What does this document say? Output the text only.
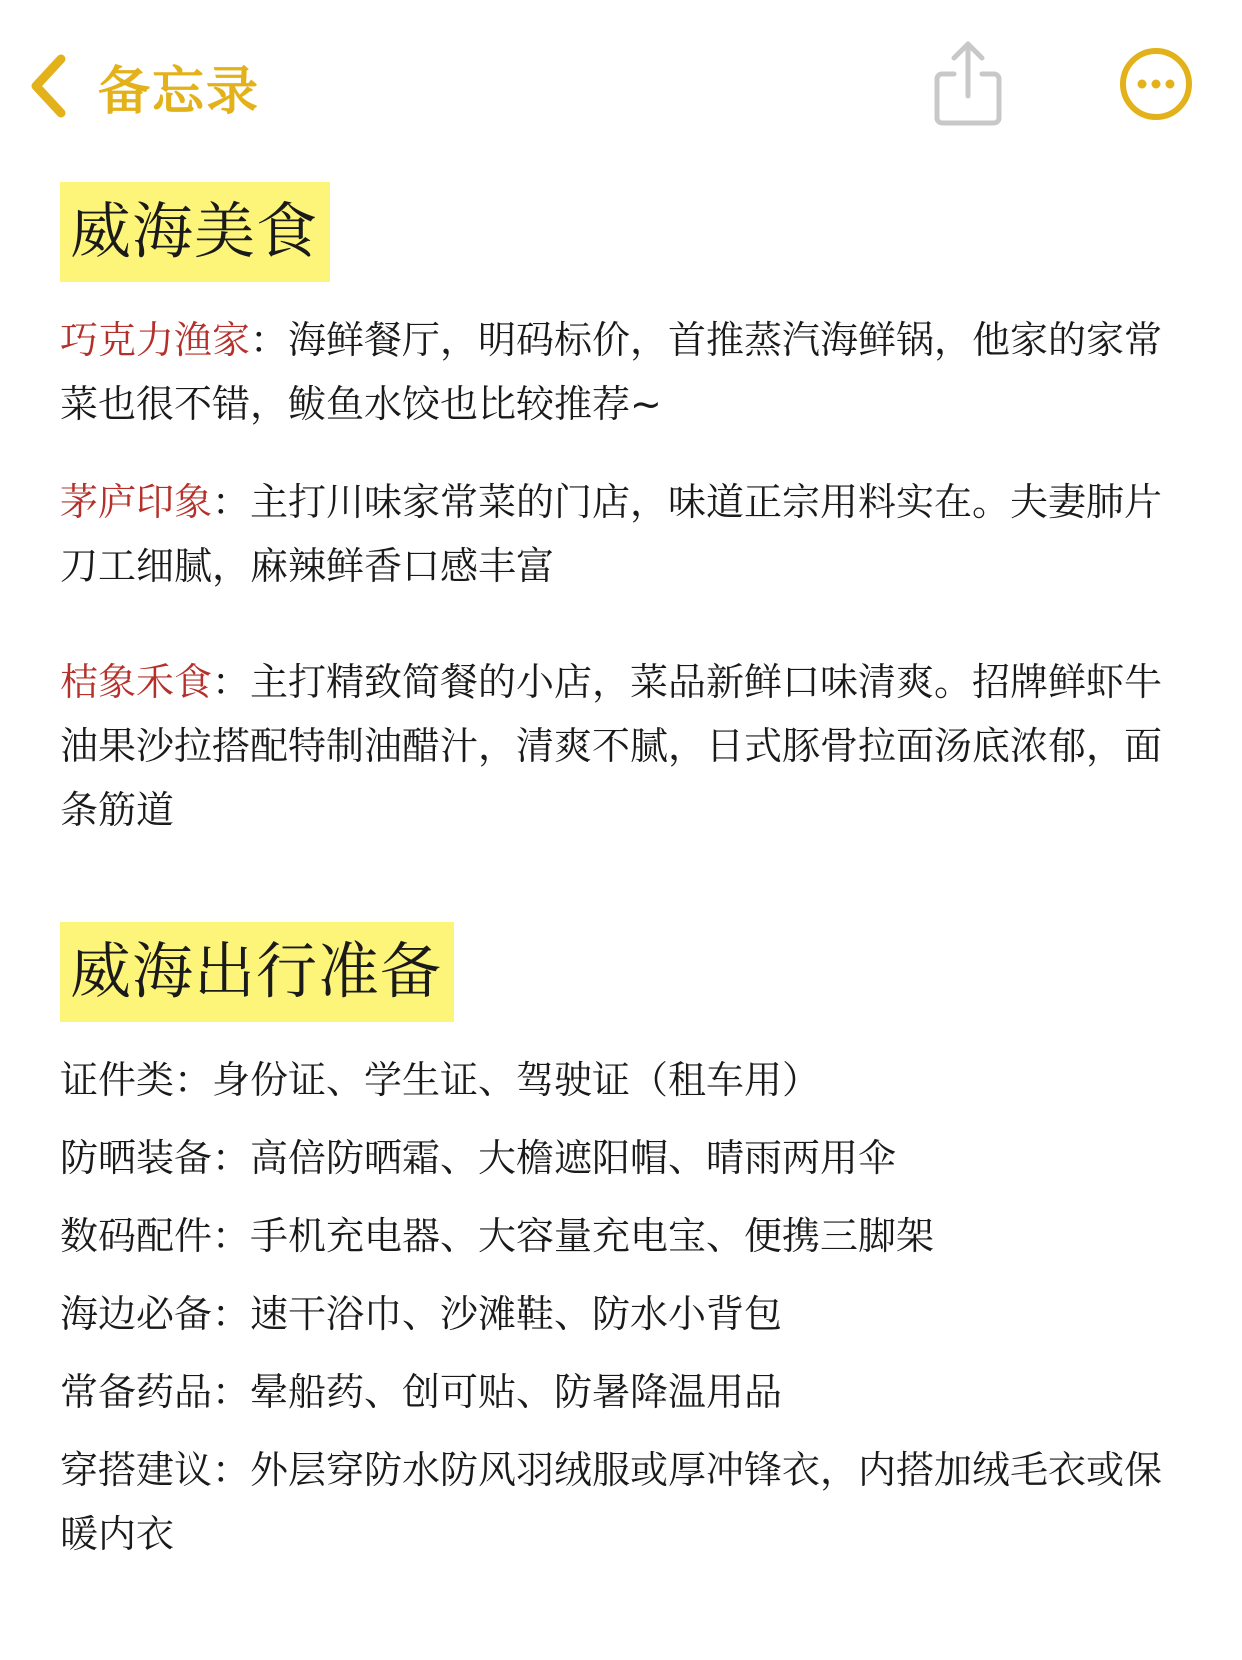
备忘录
威海美食

巧克力渔家：海鲜餐厅，明码标价，首推蒸汽海鲜锅，他家的家常菜也很不错，鲅鱼水饺也比较推荐~

茅庐印象：主打川味家常菜的门店，味道正宗用料实在。夫妻肺片刀工细腻，麻辣鲜香口感丰富

桔象禾食：主打精致简餐的小店，菜品新鲜口味清爽。招牌鲜虾牛油果沙拉搭配特制油醋汁，清爽不腻，日式豚骨拉面汤底浓郁，面条筋道

威海出行准备

证件类：身份证、学生证、驾驶证（租车用）

防晒装备：高倍防晒霜、大檐遮阳帽、晴雨两用伞

数码配件：手机充电器、大容量充电宝、便携三脚架

海边必备：速干浴巾、沙滩鞋、防水小背包

常备药品：晕船药、创可贴、防暑降温用品

穿搭建议：外层穿防水防风羽绒服或厚冲锋衣，内搭加绒毛衣或保暖内衣
